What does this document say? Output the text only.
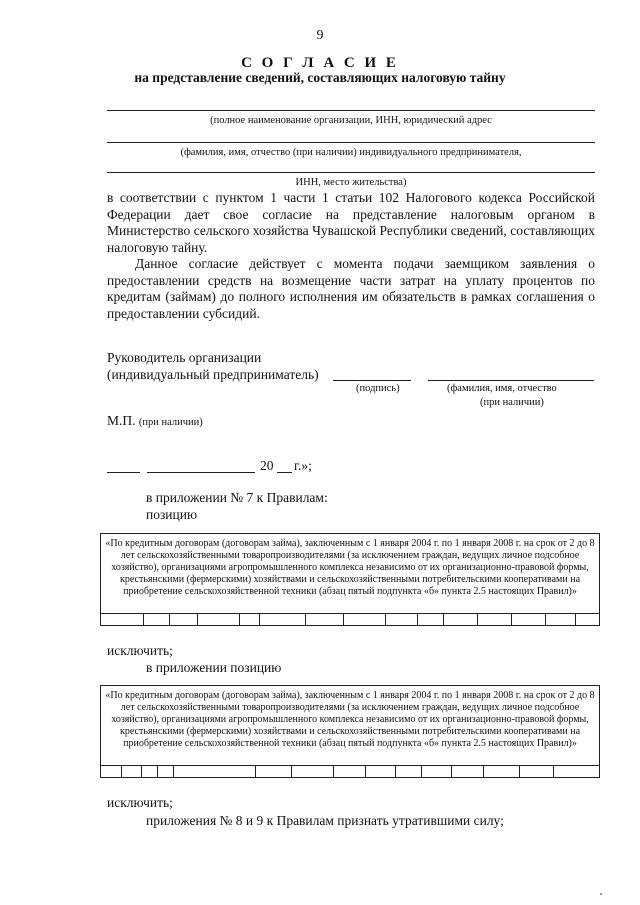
9
С О Г Л А С И Е
на представление сведений, составляющих налоговую тайну
(полное наименование организации, ИНН, юридический адрес
(фамилия, имя, отчество (при наличии) индивидуального предпринимателя,
ИНН, место жительства)
в соответствии с пунктом 1 части 1 статьи 102 Налогового кодекса Российской Федерации дает свое согласие на представление налоговым органом в Министерство сельского хозяйства Чувашской Республики сведений, составляющих налоговую тайну.
Данное согласие действует с момента подачи заемщиком заявления о предоставлении средств на возмещение части затрат на уплату процентов по кредитам (займам) до полного исполнения им обязательств в рамках соглашения о предоставлении субсидий.
Руководитель организации
(индивидуальный предприниматель)
(подпись)	(фамилия, имя, отчество
(при наличии)
М.П. (при наличии)
20 г.»;
в приложении № 7 к Правилам:
позицию
«По кредитным договорам (договорам займа), заключенным с 1 января 2004 г. по 1 января 2008 г. на срок от 2 до 8 лет сельскохозяйственными товаропроизводителями (за исключением граждан, ведущих личное подсобное хозяйство), организациями агропромышленного комплекса независимо от их организационно-правовой формы, крестьянскими (фермерскими) хозяйствами и сельскохозяйственными потребительскими кооперативами на приобретение сельскохозяйственной техники (абзац пятый подпункта «б» пункта 2.5 настоящих Правил)»
исключить;
в приложении позицию
«По кредитным договорам (договорам займа), заключенным с 1 января 2004 г. по 1 января 2008 г. на срок от 2 до 8 лет сельскохозяйственными товаропроизводителями (за исключением граждан, ведущих личное подсобное хозяйство), организациями агропромышленного комплекса независимо от их организационно-правовой формы, крестьянскими (фермерскими) хозяйствами и сельскохозяйственными потребительскими кооперативами на приобретение сельскохозяйственной техники (абзац пятый подпункта «б» пункта 2.5 настоящих Правил)»
исключить;
приложения № 8 и 9 к Правилам признать утратившими силу;
